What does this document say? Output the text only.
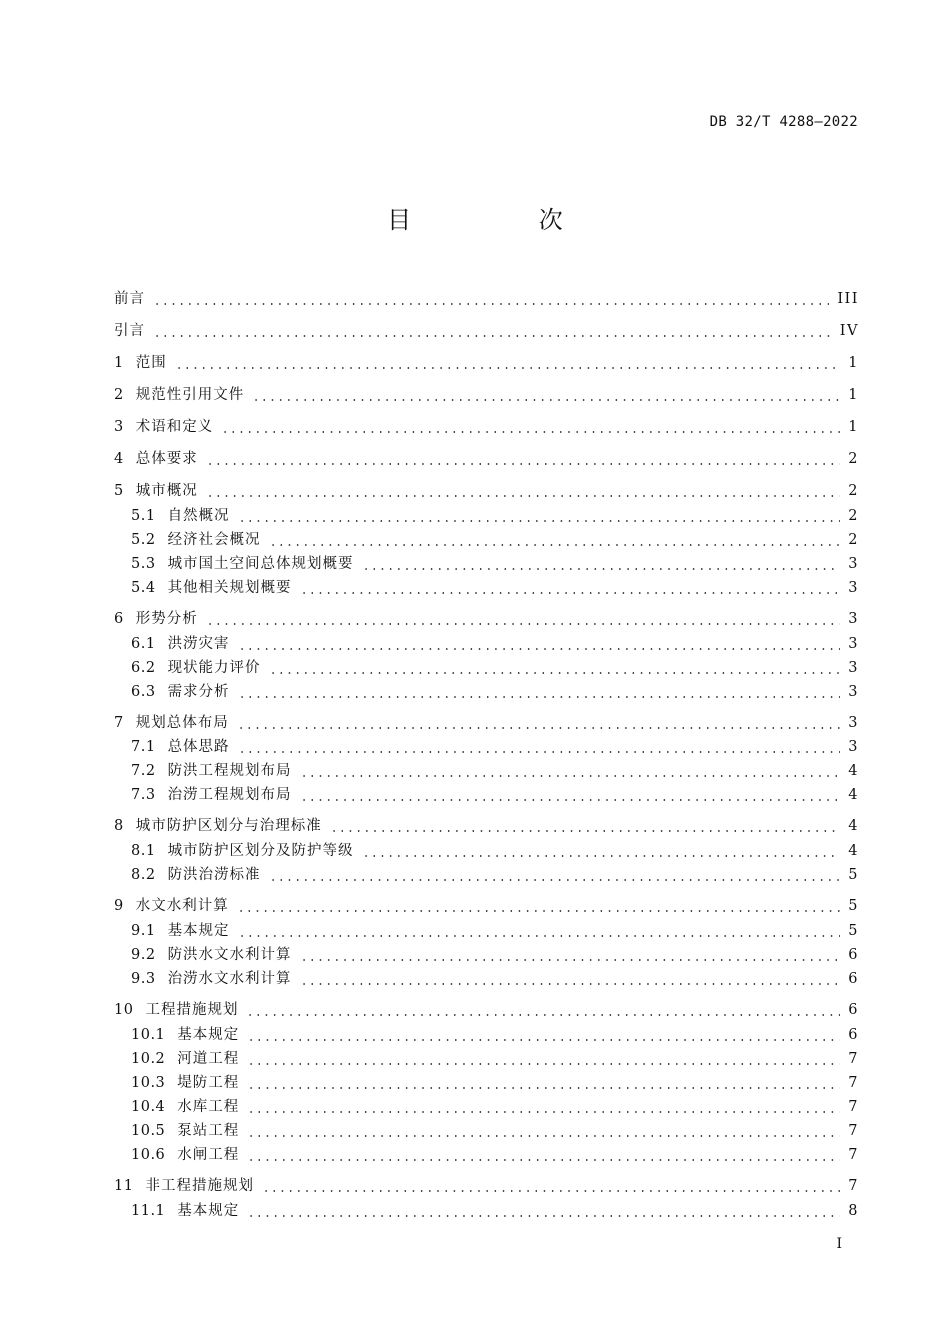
DB 32/T 4288—2022
目 次
前言	III
引言	IV
1 范围	1
2 规范性引用文件	1
3 术语和定义	1
4 总体要求	2
5 城市概况	2
5.1 自然概况	2
5.2 经济社会概况	2
5.3 城市国土空间总体规划概要	3
5.4 其他相关规划概要	3
6 形势分析	3
6.1 洪涝灾害	3
6.2 现状能力评价	3
6.3 需求分析	3
7 规划总体布局	3
7.1 总体思路	3
7.2 防洪工程规划布局	4
7.3 治涝工程规划布局	4
8 城市防护区划分与治理标准	4
8.1 城市防护区划分及防护等级	4
8.2 防洪治涝标准	5
9 水文水利计算	5
9.1 基本规定	5
9.2 防洪水文水利计算	6
9.3 治涝水文水利计算	6
10 工程措施规划	6
10.1 基本规定	6
10.2 河道工程	7
10.3 堤防工程	7
10.4 水库工程	7
10.5 泵站工程	7
10.6 水闸工程	7
11 非工程措施规划	7
11.1 基本规定	8
I
